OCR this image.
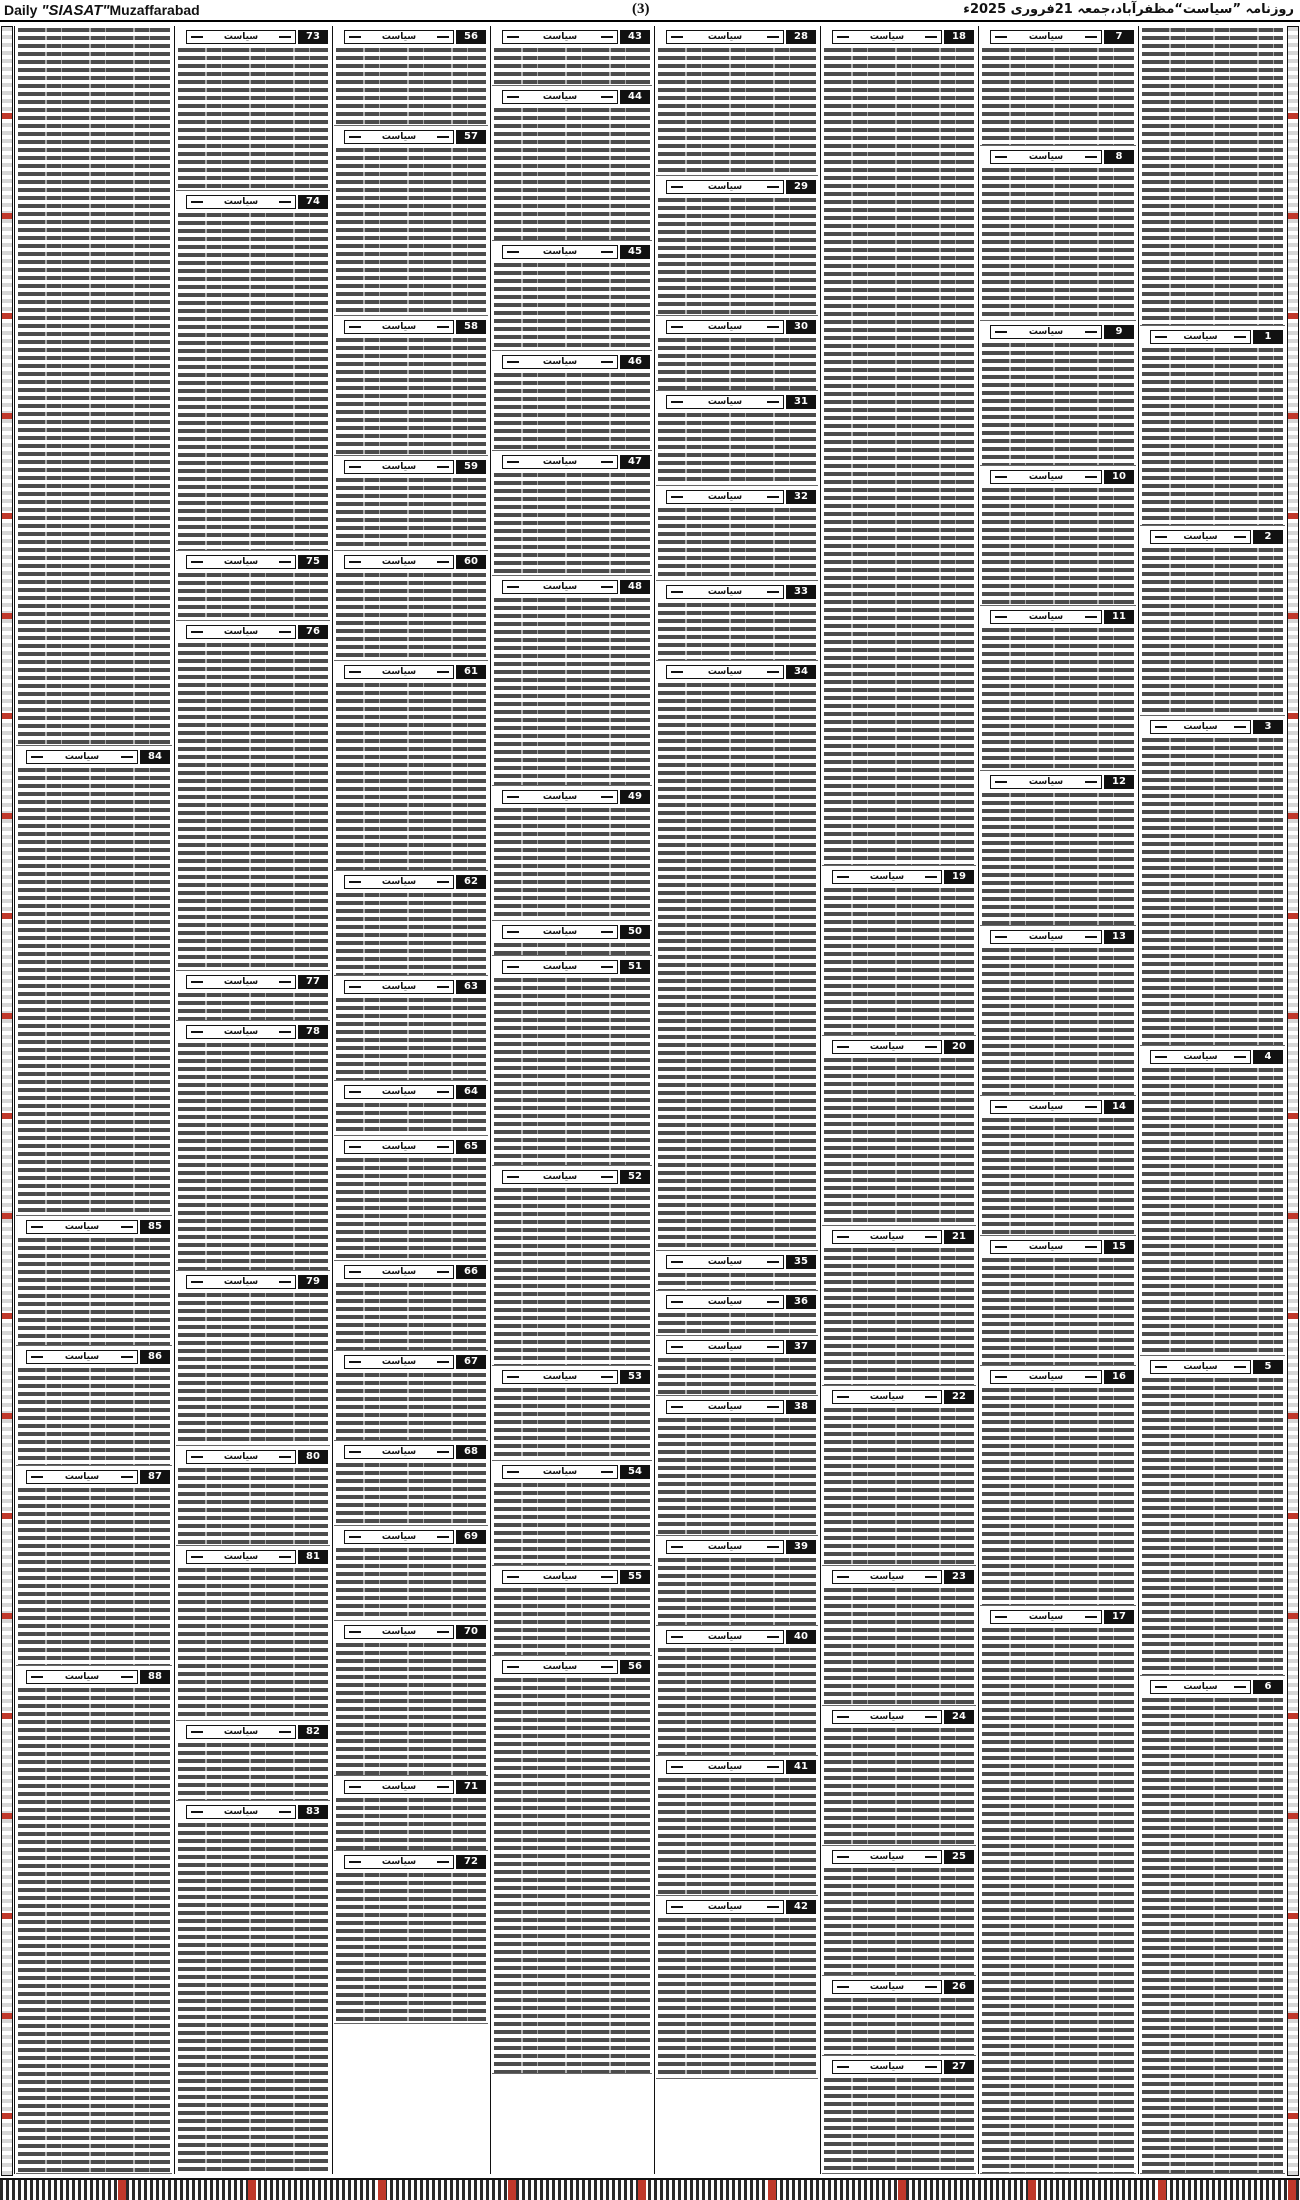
Daily "SIASAT"Muzaffarabad	(3)	روزنامہ ”سیاست“مظفرآباد،جمعہ 21فروری 2025ء
سیاست	1
سیاست	2
سیاست	3
سیاست	4
سیاست	5
سیاست	6
سیاست	7
سیاست	8
سیاست	9
سیاست	10
سیاست	11
سیاست	12
سیاست	13
سیاست	14
سیاست	15
سیاست	16
سیاست	17
سیاست	18
سیاست	19
سیاست	20
سیاست	21
سیاست	22
سیاست	23
سیاست	24
سیاست	25
سیاست	26
سیاست	27
سیاست	28
سیاست	29
سیاست	30
سیاست	31
سیاست	32
سیاست	33
سیاست	34
سیاست	35
سیاست	36
سیاست	37
سیاست	38
سیاست	39
سیاست	40
سیاست	41
سیاست	42
سیاست	43
سیاست	44
سیاست	45
سیاست	46
سیاست	47
سیاست	48
سیاست	49
سیاست	50
سیاست	51
سیاست	52
سیاست	53
سیاست	54
سیاست	55
سیاست	56
سیاست	56
سیاست	57
سیاست	58
سیاست	59
سیاست	60
سیاست	61
سیاست	62
سیاست	63
سیاست	64
سیاست	65
سیاست	66
سیاست	67
سیاست	68
سیاست	69
سیاست	70
سیاست	71
سیاست	72
سیاست	73
سیاست	74
سیاست	75
سیاست	76
سیاست	77
سیاست	78
سیاست	79
سیاست	80
سیاست	81
سیاست	82
سیاست	83
سیاست	84
سیاست	85
سیاست	86
سیاست	87
سیاست	88
